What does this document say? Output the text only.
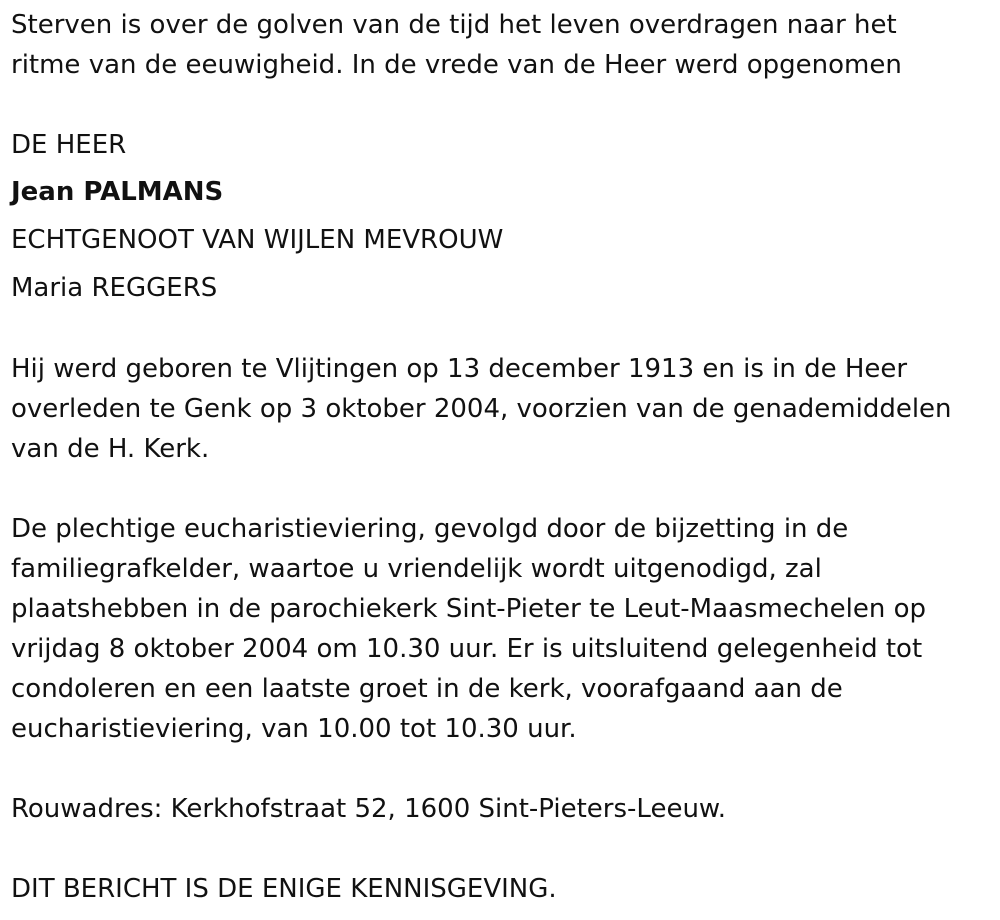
Sterven is over de golven van de tijd het leven overdragen naar het
ritme van de eeuwigheid. In de vrede van de Heer werd opgenomen
DE HEER
Jean PALMANS
ECHTGENOOT VAN WIJLEN MEVROUW
Maria REGGERS
Hij werd geboren te Vlijtingen op 13 december 1913 en is in de Heer
overleden te Genk op 3 oktober 2004, voorzien van de genademiddelen
van de H. Kerk.
De plechtige eucharistieviering, gevolgd door de bijzetting in de
familiegrafkelder, waartoe u vriendelijk wordt uitgenodigd, zal
plaatshebben in de parochiekerk Sint-Pieter te Leut-Maasmechelen op
vrijdag 8 oktober 2004 om 10.30 uur. Er is uitsluitend gelegenheid tot
condoleren en een laatste groet in de kerk, voorafgaand aan de
eucharistieviering, van 10.00 tot 10.30 uur.
Rouwadres: Kerkhofstraat 52, 1600 Sint-Pieters-Leeuw.
DIT BERICHT IS DE ENIGE KENNISGEVING.
